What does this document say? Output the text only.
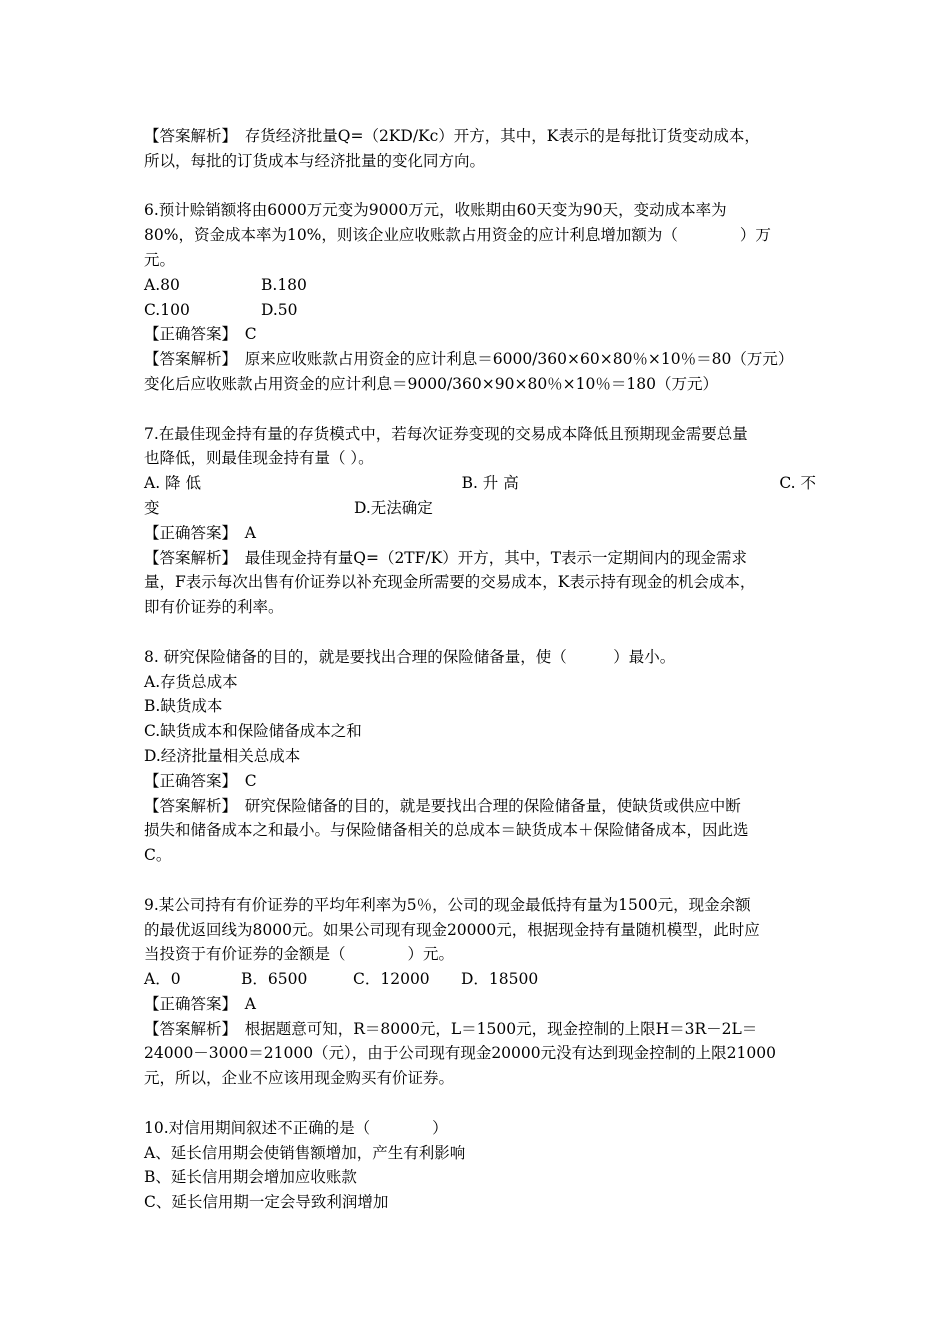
【答案解析】　存货经济批量Q=（2KD/Kc）开方，其中，K表示的是每批订货变动成本，
所以，每批的订货成本与经济批量的变化同方向。
6.预计赊销额将由6000万元变为9000万元，收账期由60天变为90天，变动成本率为
80%，资金成本率为10%，则该企业应收账款占用资金的应计利息增加额为（　　　　）万
元。
A.80	B.180
C.100	D.50
【正确答案】　C
【答案解析】　原来应收账款占用资金的应计利息＝6000/360×60×80％×10％＝80（万元）
变化后应收账款占用资金的应计利息＝9000/360×90×80％×10％＝180（万元）
7.在最佳现金持有量的存货模式中，若每次证券变现的交易成本降低且预期现金需要总量
也降低，则最佳现金持有量（ ）。
A. 降 低	B. 升 高	C. 不
变	D.无法确定
【正确答案】　A
【答案解析】　最佳现金持有量Q=（2TF/K）开方，其中，T表示一定期间内的现金需求
量，F表示每次出售有价证券以补充现金所需要的交易成本，K表示持有现金的机会成本，
即有价证券的利率。
8. 研究保险储备的目的，就是要找出合理的保险储备量，使（　　　）最小。
A.存货总成本
B.缺货成本
C.缺货成本和保险储备成本之和
D.经济批量相关总成本
【正确答案】　C
【答案解析】　研究保险储备的目的，就是要找出合理的保险储备量，使缺货或供应中断
损失和储备成本之和最小。与保险储备相关的总成本＝缺货成本＋保险储备成本，因此选
C。
9.某公司持有有价证券的平均年利率为5％，公司的现金最低持有量为1500元，现金余额
的最优返回线为8000元。如果公司现有现金20000元，根据现金持有量随机模型，此时应
当投资于有价证券的金额是（　　　　）元。
A．0	B．6500	C．12000 D．18500
【正确答案】　A
【答案解析】　根据题意可知，R＝8000元，L＝1500元，现金控制的上限H＝3R－2L＝
24000－3000＝21000（元），由于公司现有现金20000元没有达到现金控制的上限21000
元，所以，企业不应该用现金购买有价证券。
10.对信用期间叙述不正确的是（　　　　）
A、延长信用期会使销售额增加，产生有利影响
B、延长信用期会增加应收账款
C、延长信用期一定会导致利润增加
